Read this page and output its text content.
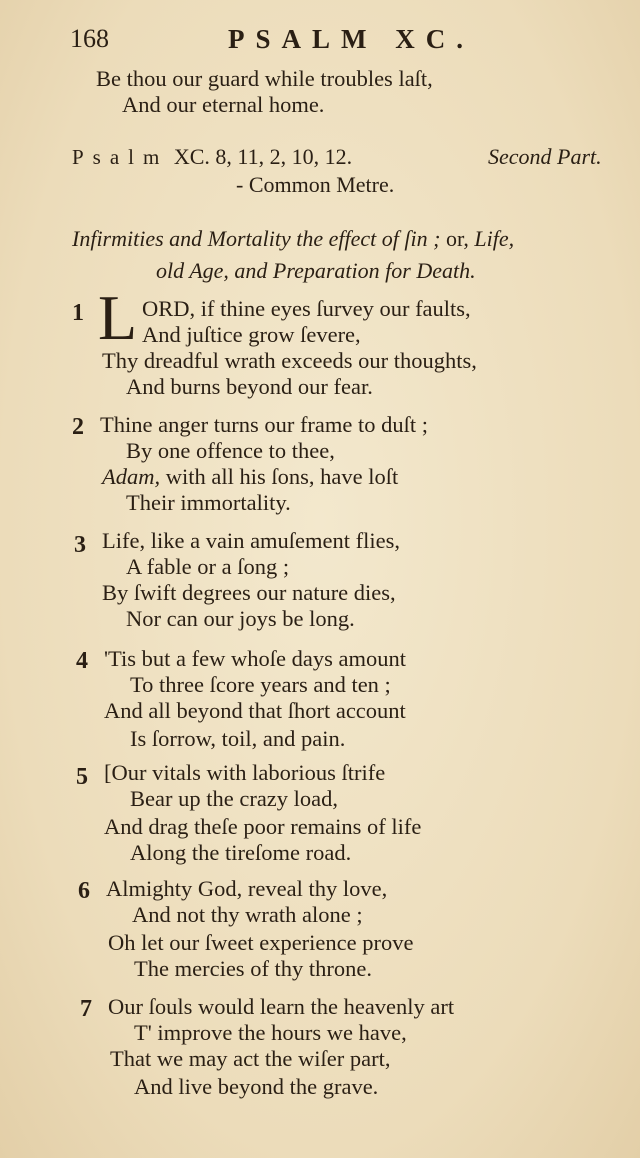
168	PSALM XC.
Be thou our guard while troubles laſt,
And our eternal home.
Psalm XC. 8, 11, 2, 10, 12.	Second Part.
- Common Metre.
Infirmities and Mortality the effect of ſin ; or, Life,
old Age, and Preparation for Death.
1 L ORD, if thine eyes ſurvey our faults,
And juſtice grow ſevere,
Thy dreadful wrath exceeds our thoughts,
And burns beyond our fear.
2 Thine anger turns our frame to duſt ;
By one offence to thee,
Adam, with all his ſons, have loſt
Their immortality.
3 Life, like a vain amuſement flies,
A fable or a ſong ;
By ſwift degrees our nature dies,
Nor can our joys be long.
4 'Tis but a few whoſe days amount
To three ſcore years and ten ;
And all beyond that ſhort account
Is ſorrow, toil, and pain.
5 [Our vitals with laborious ſtrife
Bear up the crazy load,
And drag theſe poor remains of life
Along the tireſome road.
6 Almighty God, reveal thy love,
And not thy wrath alone ;
Oh let our ſweet experience prove
The mercies of thy throne.
7 Our ſouls would learn the heavenly art
T' improve the hours we have,
That we may act the wiſer part,
And live beyond the grave.
